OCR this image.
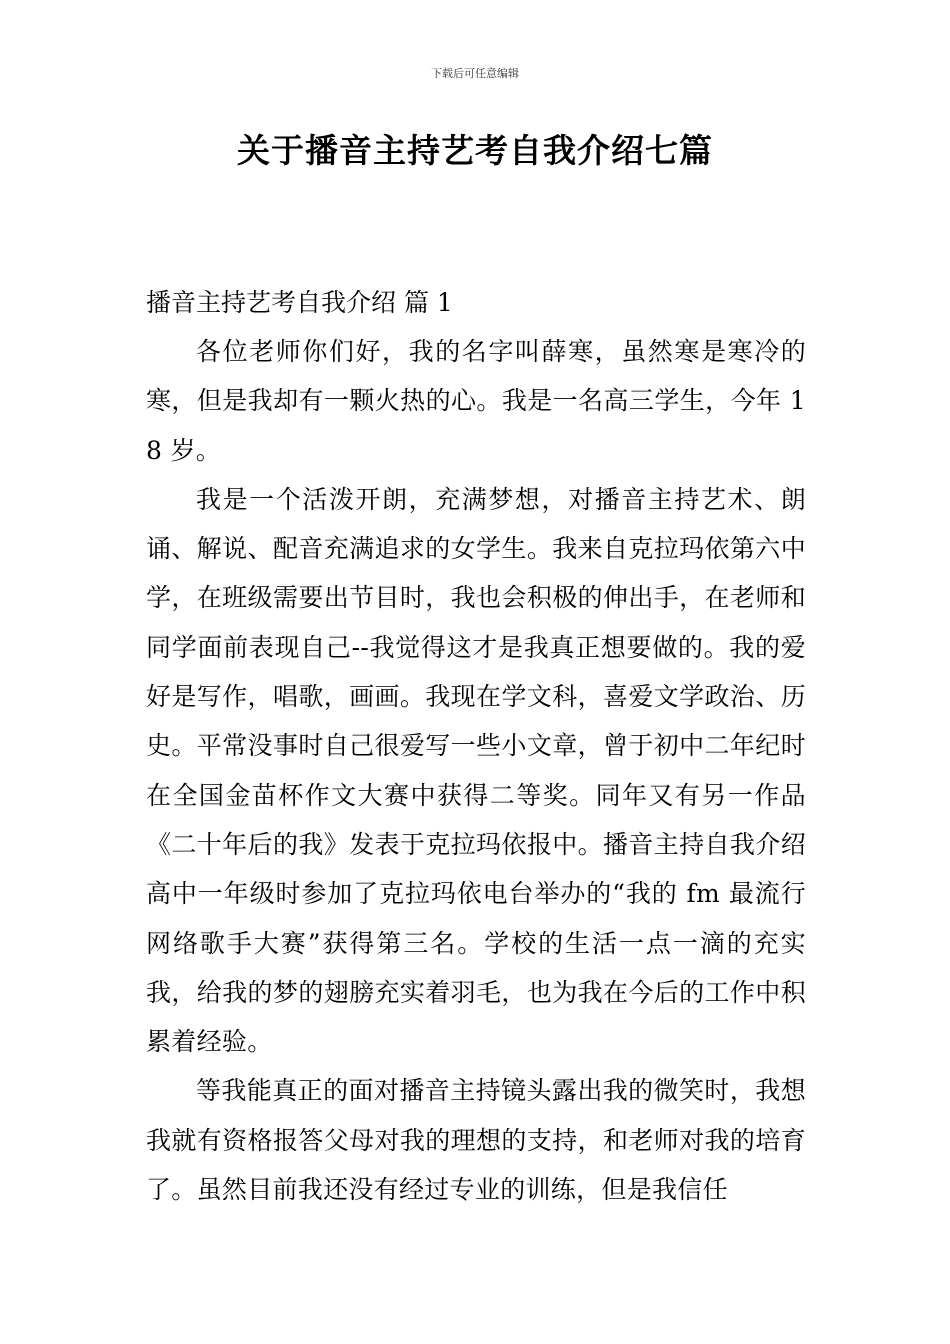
下载后可任意编辑
关于播音主持艺考自我介绍七篇

播音主持艺考自我介绍 篇 1

各位老师你们好，我的名字叫薛寒，虽然寒是寒冷的寒，但是我却有一颗火热的心。我是一名高三学生，今年 18 岁。

我是一个活泼开朗，充满梦想，对播音主持艺术、朗诵、解说、配音充满追求的女学生。我来自克拉玛依第六中学，在班级需要出节目时，我也会积极的伸出手，在老师和同学面前表现自己--我觉得这才是我真正想要做的。我的爱好是写作，唱歌，画画。我现在学文科，喜爱文学政治、历史。平常没事时自己很爱写一些小文章，曾于初中二年纪时在全国金苗杯作文大赛中获得二等奖。同年又有另一作品《二十年后的我》发表于克拉玛依报中。播音主持自我介绍高中一年级时参加了克拉玛依电台举办的“我的 fm 最流行网络歌手大赛”获得第三名。学校的生活一点一滴的充实我，给我的梦的翅膀充实着羽毛，也为我在今后的工作中积累着经验。

等我能真正的面对播音主持镜头露出我的微笑时，我想我就有资格报答父母对我的理想的支持，和老师对我的培育了。虽然目前我还没有经过专业的训练，但是我信任
